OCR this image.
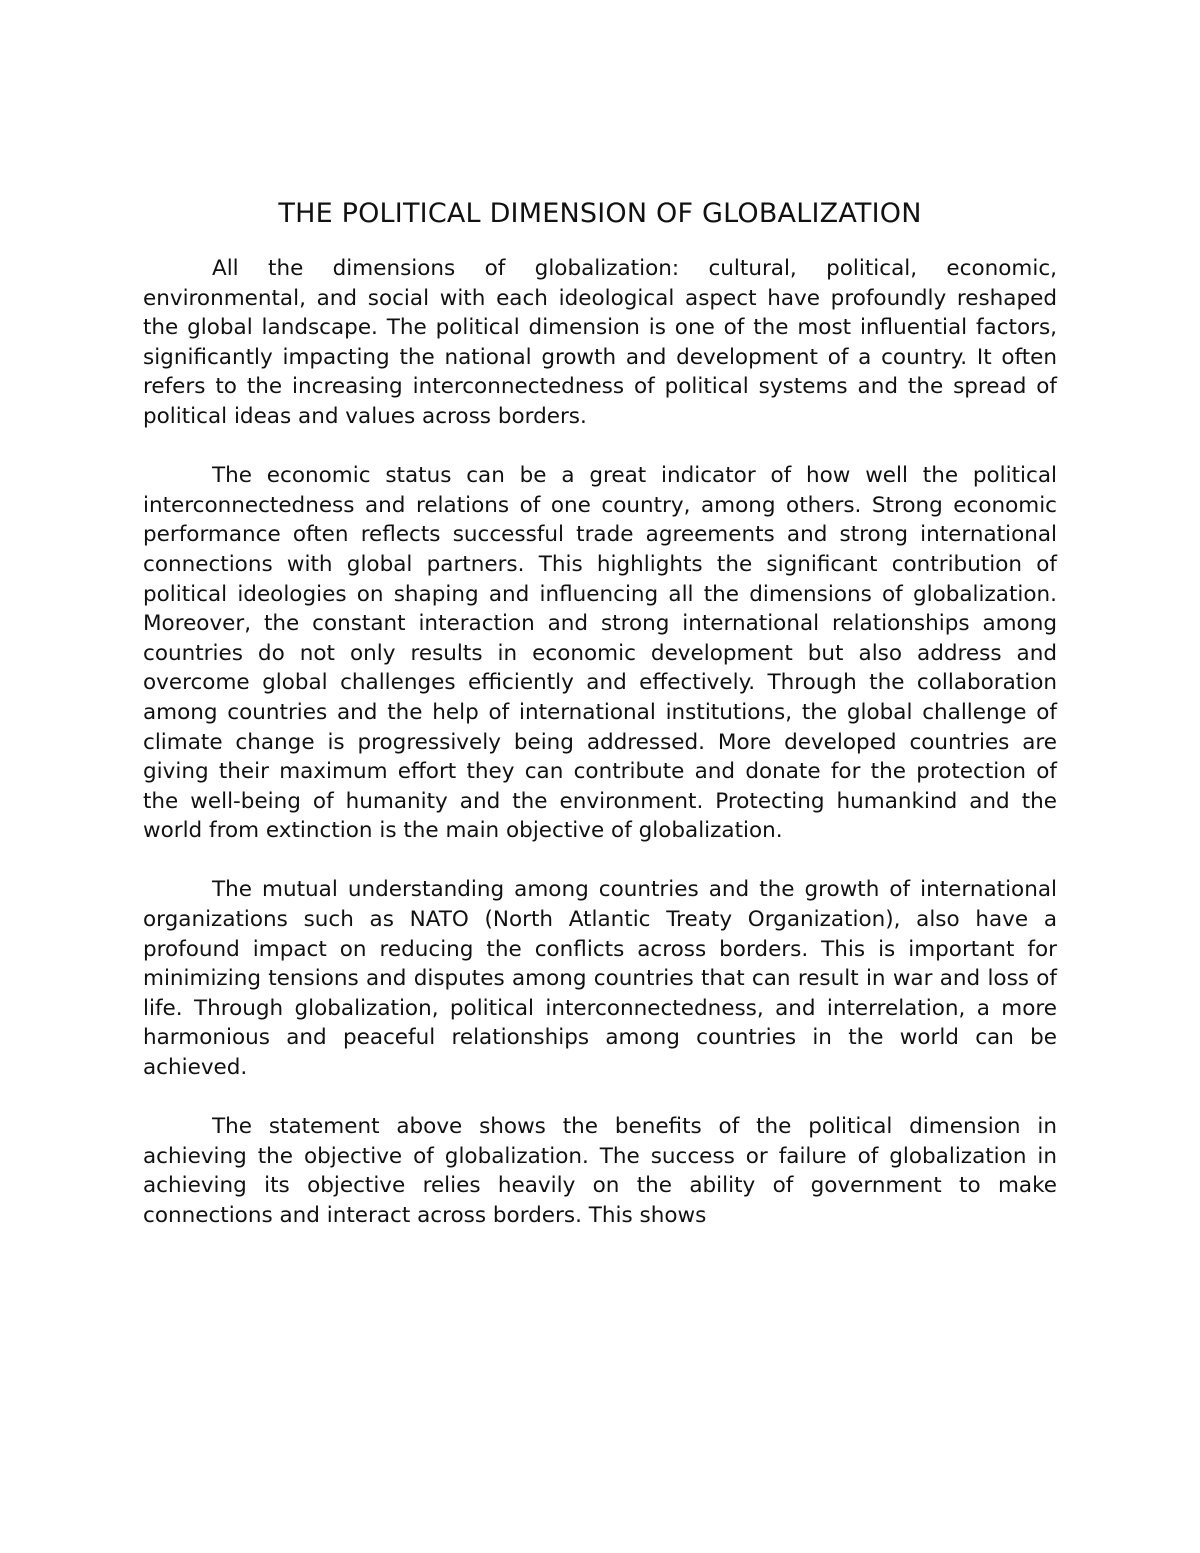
THE POLITICAL DIMENSION OF GLOBALIZATION

All the dimensions of globalization: cultural, political, economic, environmental, and social with each ideological aspect have profoundly reshaped the global landscape. The political dimension is one of the most influential factors, significantly impacting the national growth and development of a country. It often refers to the increasing interconnectedness of political systems and the spread of political ideas and values across borders.

The economic status can be a great indicator of how well the political interconnectedness and relations of one country, among others. Strong economic performance often reflects successful trade agreements and strong international connections with global partners. This highlights the significant contribution of political ideologies on shaping and influencing all the dimensions of globalization. Moreover, the constant interaction and strong international relationships among countries do not only results in economic development but also address and overcome global challenges efficiently and effectively. Through the collaboration among countries and the help of international institutions, the global challenge of climate change is progressively being addressed. More developed countries are giving their maximum effort they can contribute and donate for the protection of the well-being of humanity and the environment. Protecting humankind and the world from extinction is the main objective of globalization.

The mutual understanding among countries and the growth of international organizations such as NATO (North Atlantic Treaty Organization), also have a profound impact on reducing the conflicts across borders. This is important for minimizing tensions and disputes among countries that can result in war and loss of life. Through globalization, political interconnectedness, and interrelation, a more harmonious and peaceful relationships among countries in the world can be achieved.

The statement above shows the benefits of the political dimension in achieving the objective of globalization. The success or failure of globalization in achieving its objective relies heavily on the ability of government to make connections and interact across borders. This shows
